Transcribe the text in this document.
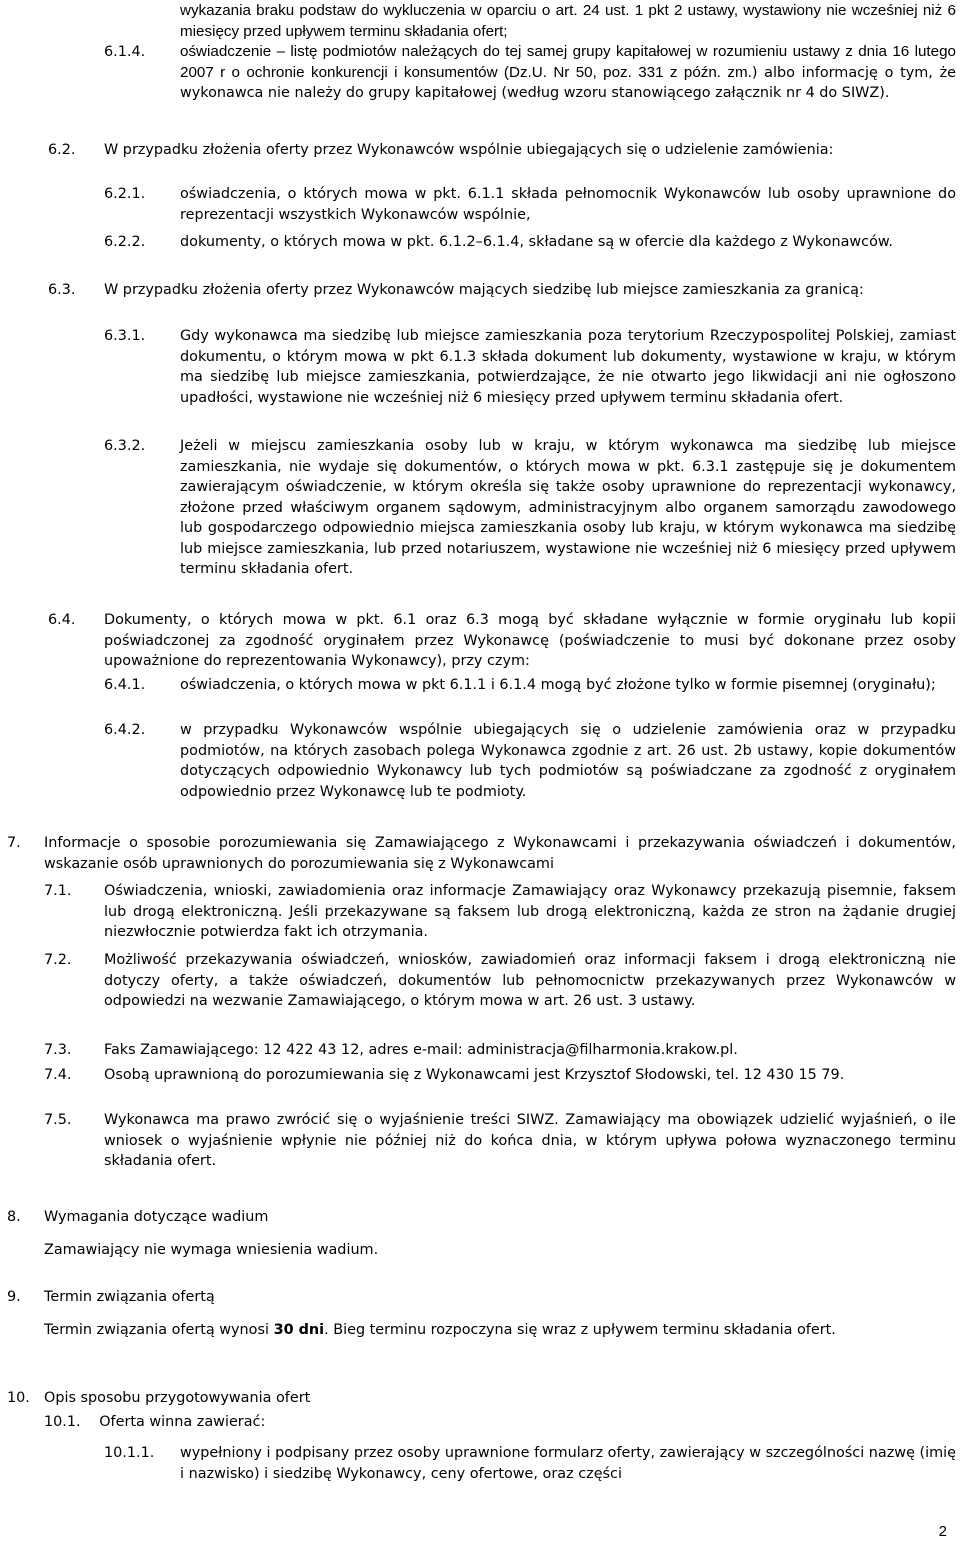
wykazania braku podstaw do wykluczenia w oparciu o art. 24 ust. 1 pkt 2 ustawy, wystawiony nie wcześniej niż 6 miesięcy przed upływem terminu składania ofert;
6.1.4. oświadczenie – listę podmiotów należących do tej samej grupy kapitałowej w rozumieniu ustawy z dnia 16 lutego 2007 r o ochronie konkurencji i konsumentów (Dz.U. Nr 50, poz. 331 z późn. zm.) albo informację o tym, że wykonawca nie należy do grupy kapitałowej (według wzoru stanowiącego załącznik nr 4 do SIWZ).
6.2. W przypadku złożenia oferty przez Wykonawców wspólnie ubiegających się o udzielenie zamówienia:
6.2.1. oświadczenia, o których mowa w pkt. 6.1.1 składa pełnomocnik Wykonawców lub osoby uprawnione do reprezentacji wszystkich Wykonawców wspólnie,
6.2.2. dokumenty, o których mowa w pkt. 6.1.2–6.1.4, składane są w ofercie dla każdego z Wykonawców.
6.3. W przypadku złożenia oferty przez Wykonawców mających siedzibę lub miejsce zamieszkania za granicą:
6.3.1. Gdy wykonawca ma siedzibę lub miejsce zamieszkania poza terytorium Rzeczypospolitej Polskiej, zamiast dokumentu, o którym mowa w pkt 6.1.3 składa dokument lub dokumenty, wystawione w kraju, w którym ma siedzibę lub miejsce zamieszkania, potwierdzające, że nie otwarto jego likwidacji ani nie ogłoszono upadłości, wystawione nie wcześniej niż 6 miesięcy przed upływem terminu składania ofert.
6.3.2. Jeżeli w miejscu zamieszkania osoby lub w kraju, w którym wykonawca ma siedzibę lub miejsce zamieszkania, nie wydaje się dokumentów, o których mowa w pkt. 6.3.1 zastępuje się je dokumentem zawierającym oświadczenie, w którym określa się także osoby uprawnione do reprezentacji wykonawcy, złożone przed właściwym organem sądowym, administracyjnym albo organem samorządu zawodowego lub gospodarczego odpowiednio miejsca zamieszkania osoby lub kraju, w którym wykonawca ma siedzibę lub miejsce zamieszkania, lub przed notariuszem, wystawione nie wcześniej niż 6 miesięcy przed upływem terminu składania ofert.
6.4. Dokumenty, o których mowa w pkt. 6.1 oraz 6.3 mogą być składane wyłącznie w formie oryginału lub kopii poświadczonej za zgodność oryginałem przez Wykonawcę (poświadczenie to musi być dokonane przez osoby upoważnione do reprezentowania Wykonawcy), przy czym:
6.4.1. oświadczenia, o których mowa w pkt 6.1.1 i 6.1.4 mogą być złożone tylko w formie pisemnej (oryginału);
6.4.2. w przypadku Wykonawców wspólnie ubiegających się o udzielenie zamówienia oraz w przypadku podmiotów, na których zasobach polega Wykonawca zgodnie z art. 26 ust. 2b ustawy, kopie dokumentów dotyczących odpowiednio Wykonawcy lub tych podmiotów są poświadczane za zgodność z oryginałem odpowiednio przez Wykonawcę lub te podmioty.
7. Informacje o sposobie porozumiewania się Zamawiającego z Wykonawcami i przekazywania oświadczeń i dokumentów, wskazanie osób uprawnionych do porozumiewania się z Wykonawcami
7.1. Oświadczenia, wnioski, zawiadomienia oraz informacje Zamawiający oraz Wykonawcy przekazują pisemnie, faksem lub drogą elektroniczną. Jeśli przekazywane są faksem lub drogą elektroniczną, każda ze stron na żądanie drugiej niezwłocznie potwierdza fakt ich otrzymania.
7.2. Możliwość przekazywania oświadczeń, wniosków, zawiadomień oraz informacji faksem i drogą elektroniczną nie dotyczy oferty, a także oświadczeń, dokumentów lub pełnomocnictw przekazywanych przez Wykonawców w odpowiedzi na wezwanie Zamawiającego, o którym mowa w art. 26 ust. 3 ustawy.
7.3. Faks Zamawiającego: 12 422 43 12, adres e-mail: administracja@filharmonia.krakow.pl.
7.4. Osobą uprawnioną do porozumiewania się z Wykonawcami jest Krzysztof Słodowski, tel. 12 430 15 79.
7.5. Wykonawca ma prawo zwrócić się o wyjaśnienie treści SIWZ. Zamawiający ma obowiązek udzielić wyjaśnień, o ile wniosek o wyjaśnienie wpłynie nie później niż do końca dnia, w którym upływa połowa wyznaczonego terminu składania ofert.
8. Wymagania dotyczące wadium
Zamawiający nie wymaga wniesienia wadium.
9. Termin związania ofertą
Termin związania ofertą wynosi 30 dni. Bieg terminu rozpoczyna się wraz z upływem terminu składania ofert.
10. Opis sposobu przygotowywania ofert
10.1. Oferta winna zawierać:
10.1.1. wypełniony i podpisany przez osoby uprawnione formularz oferty, zawierający w szczególności nazwę (imię i nazwisko) i siedzibę Wykonawcy, ceny ofertowe, oraz części
2
